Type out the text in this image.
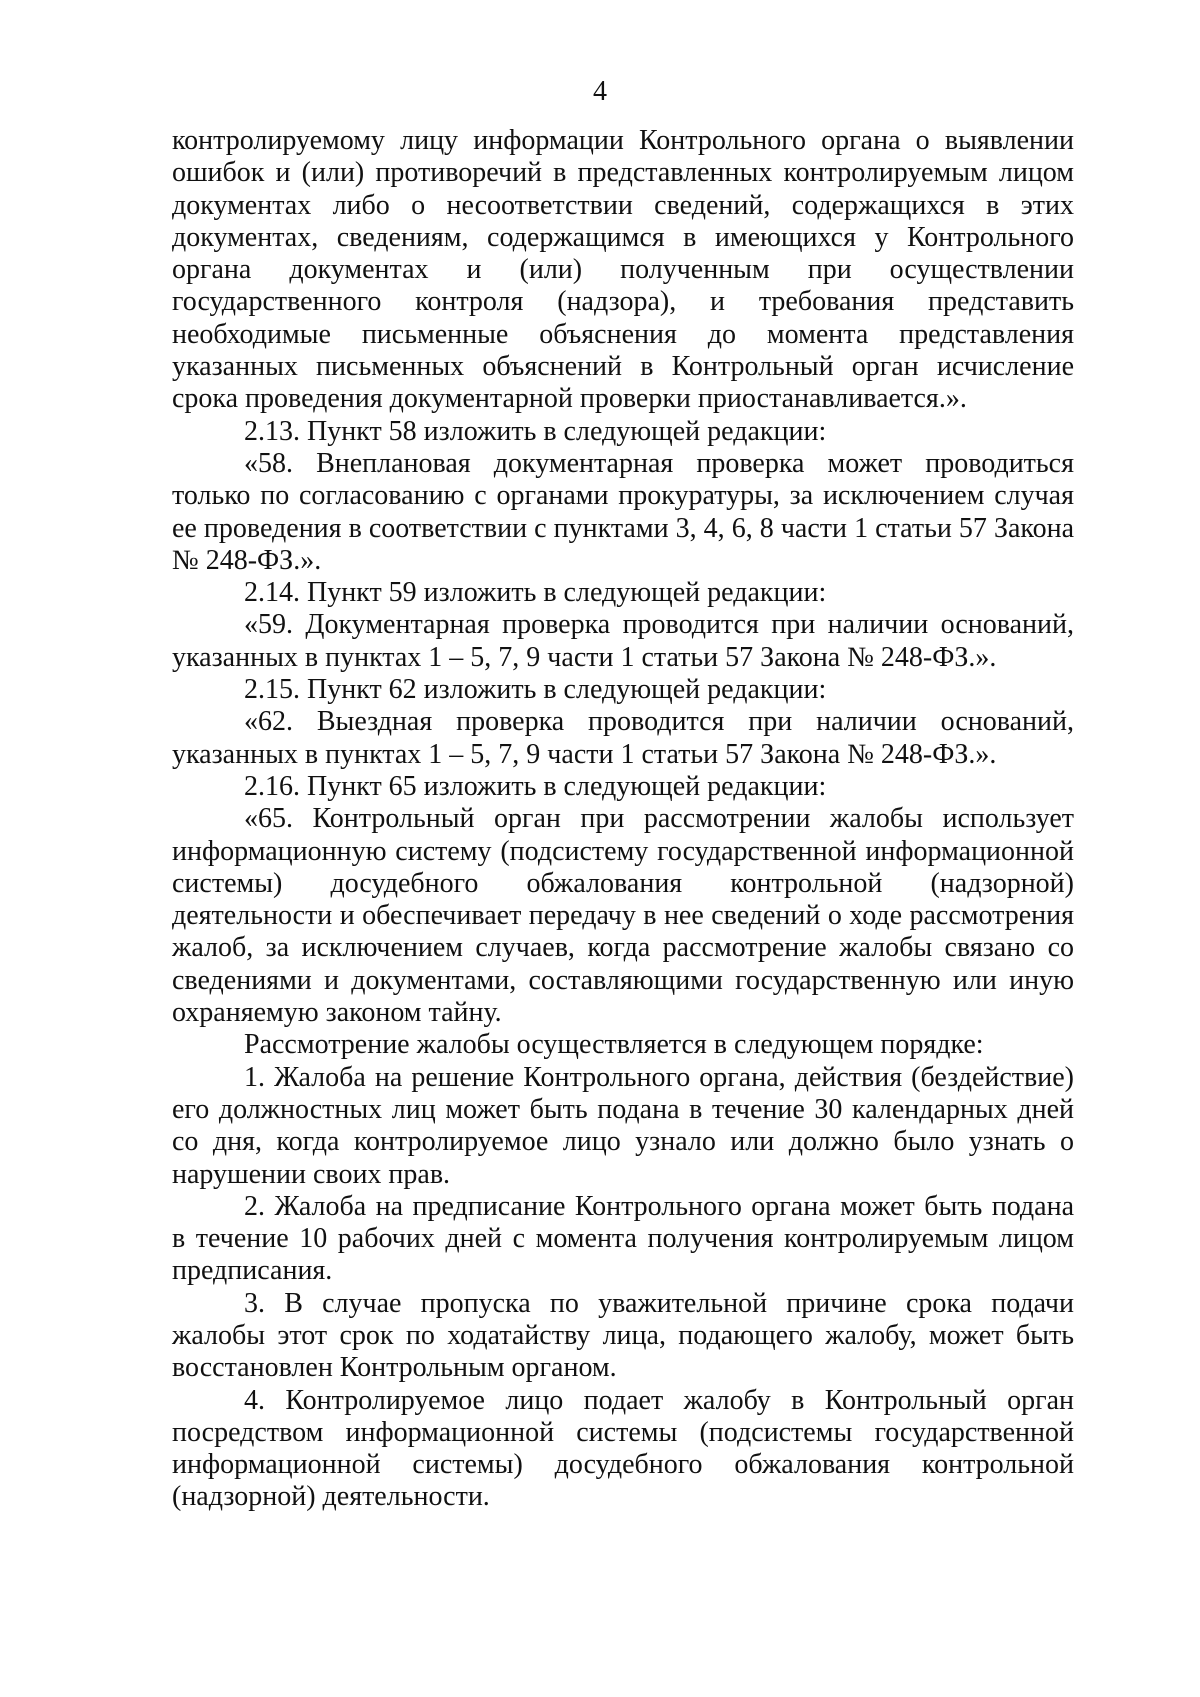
4

контролируемому лицу информации Контрольного органа о выявлении ошибок и (или) противоречий в представленных контролируемым лицом документах либо о несоответствии сведений, содержащихся в этих документах, сведениям, содержащимся в имеющихся у Контрольного органа документах и (или) полученным при осуществлении государственного контроля (надзора), и требования представить необходимые письменные объяснения до момента представления указанных письменных объяснений в Контрольный орган исчисление срока проведения документарной проверки приостанавливается.».

2.13. Пункт 58 изложить в следующей редакции:

«58. Внеплановая документарная проверка может проводиться только по согласованию с органами прокуратуры, за исключением случая ее проведения в соответствии с пунктами 3, 4, 6, 8 части 1 статьи 57 Закона № 248-ФЗ.».

2.14. Пункт 59 изложить в следующей редакции:

«59. Документарная проверка проводится при наличии оснований, указанных в пунктах 1 – 5, 7, 9 части 1 статьи 57 Закона № 248-ФЗ.».

2.15. Пункт 62 изложить в следующей редакции:

«62. Выездная проверка проводится при наличии оснований, указанных в пунктах 1 – 5, 7, 9 части 1 статьи 57 Закона № 248-ФЗ.».

2.16. Пункт 65 изложить в следующей редакции:

«65. Контрольный орган при рассмотрении жалобы использует информационную систему (подсистему государственной информационной системы) досудебного обжалования контрольной (надзорной) деятельности и обеспечивает передачу в нее сведений о ходе рассмотрения жалоб, за исключением случаев, когда рассмотрение жалобы связано со сведениями и документами, составляющими государственную или иную охраняемую законом тайну.

Рассмотрение жалобы осуществляется в следующем порядке:

1. Жалоба на решение Контрольного органа, действия (бездействие) его должностных лиц может быть подана в течение 30 календарных дней со дня, когда контролируемое лицо узнало или должно было узнать о нарушении своих прав.

2. Жалоба на предписание Контрольного органа может быть подана в течение 10 рабочих дней с момента получения контролируемым лицом предписания.

3. В случае пропуска по уважительной причине срока подачи жалобы этот срок по ходатайству лица, подающего жалобу, может быть восстановлен Контрольным органом.

4. Контролируемое лицо подает жалобу в Контрольный орган посредством информационной системы (подсистемы государственной информационной системы) досудебного обжалования контрольной (надзорной) деятельности.
